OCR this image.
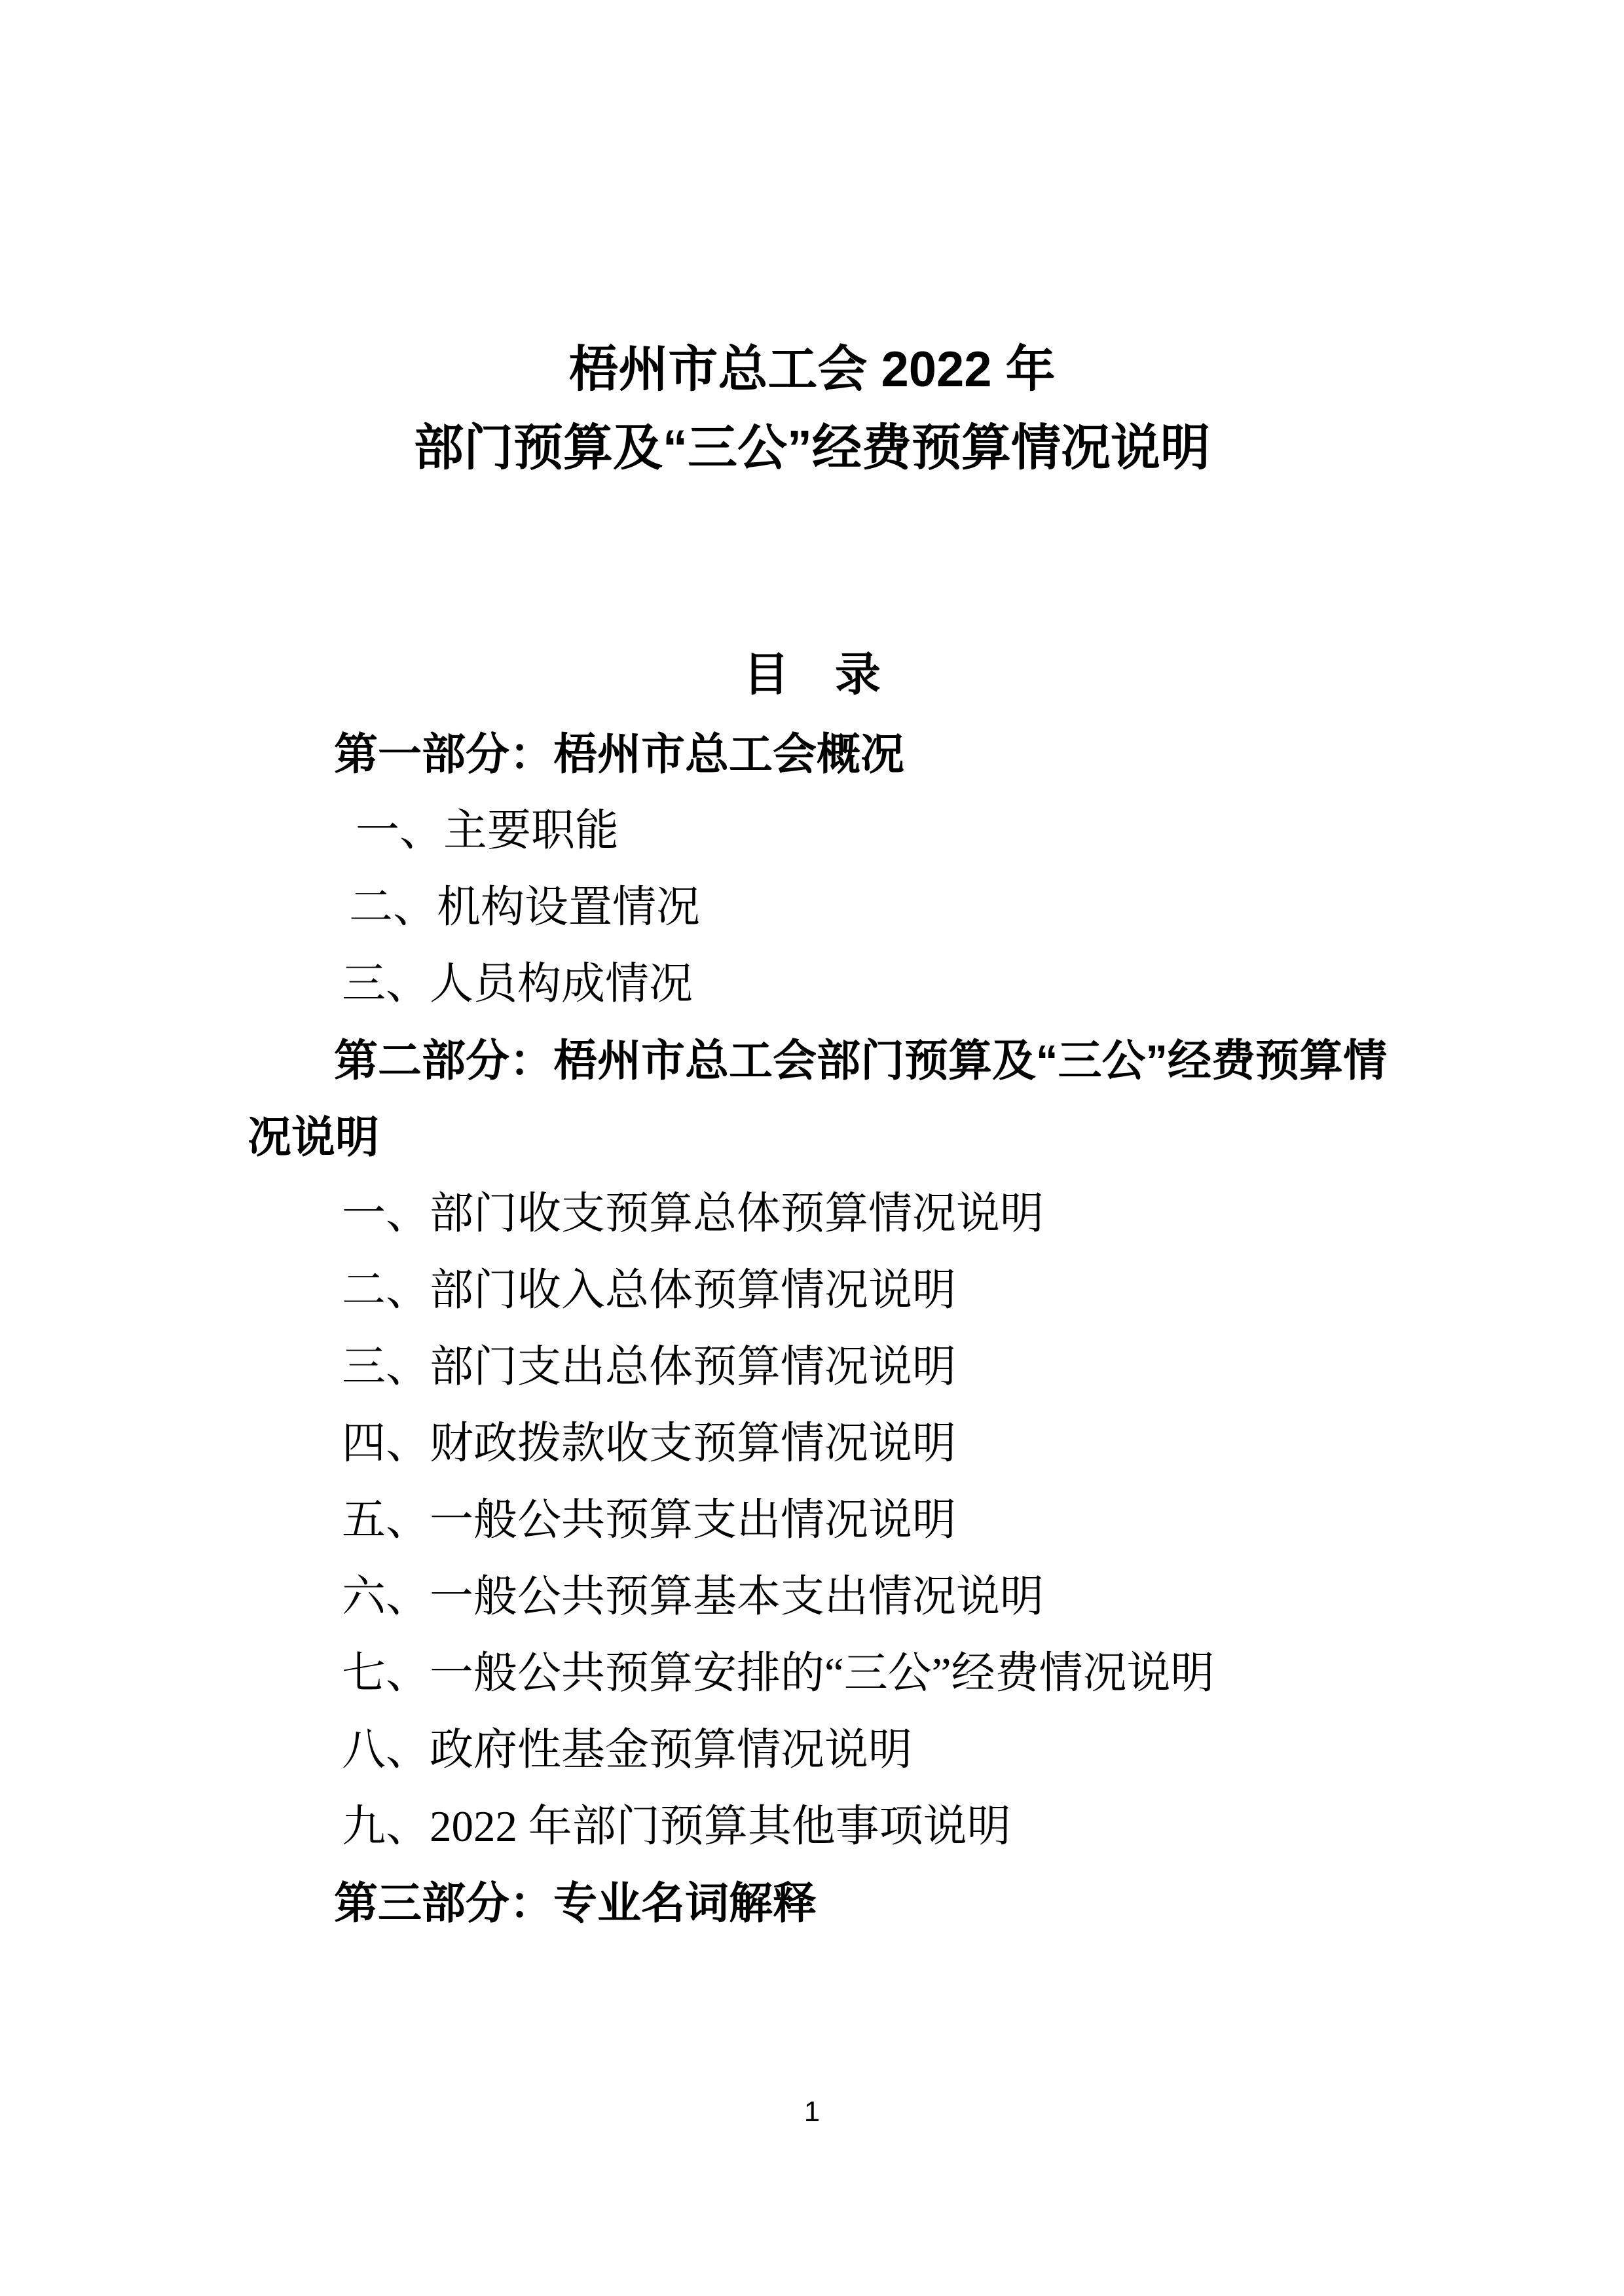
梧州市总工会 2022 年

部门预算及“三公”经费预算情况说明

目　录
第一部分：梧州市总工会概况

一、主要职能

二、机构设置情况

三、人员构成情况

第二部分：梧州市总工会部门预算及“三公”经费预算情
况说明

一、部门收支预算总体预算情况说明

二、部门收入总体预算情况说明

三、部门支出总体预算情况说明

四、财政拨款收支预算情况说明

五、一般公共预算支出情况说明

六、一般公共预算基本支出情况说明

七、一般公共预算安排的“三公”经费情况说明

八、政府性基金预算情况说明

九、2022 年部门预算其他事项说明

第三部分：专业名词解释
1
